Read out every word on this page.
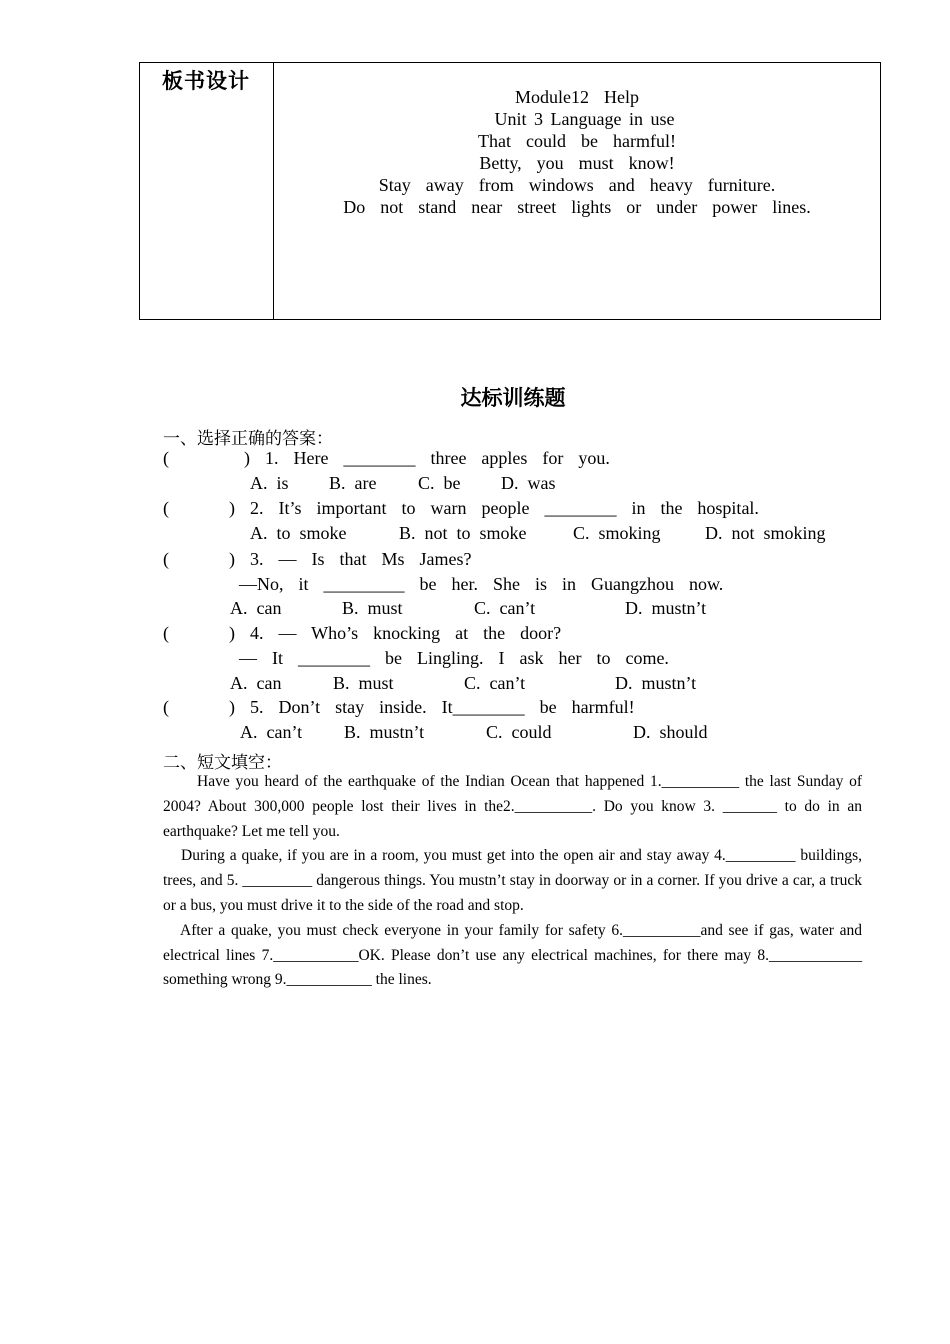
板书设计
Module12  Help
Unit 3 Language in use
That  could  be  harmful!
Betty,  you  must  know!
Stay  away  from  windows  and  heavy  furniture.
Do  not  stand  near  street  lights  or  under  power  lines.
达标训练题
一、选择正确的答案：
(          )  1.  Here  ________  three  apples  for  you.
A.  is B.  are C.  be D.  was
(        )  2.  It’s  important  to  warn  people  ________  in  the  hospital.
A.  to  smoke	B.  not  to  smoke	C.  smoking D.  not  smoking
(        )  3.  —  Is  that  Ms  James?
—No,  it  _________  be  her.  She  is  in  Guangzhou  now.
A.  can	B.  must	C.  can’t	D.  mustn’t
(        )  4.  —  Who’s  knocking  at  the  door?
—  It  ________  be  Lingling.  I  ask  her  to  come.
A.  can	B.  must	C.  can’t	D.  mustn’t
(        )  5.  Don’t  stay  inside.  It________  be  harmful!
A.  can’t B.  mustn’t	C.  could	D.  should
二、短文填空：

Have you heard of the earthquake of the Indian Ocean that happened 1.__________ the last Sunday of 2004? About 300,000 people lost their lives in the2.__________. Do you know 3. _______ to do in an earthquake? Let me tell you.

During a quake, if you are in a room, you must get into the open air and stay away 4._________ buildings, trees, and 5. _________ dangerous things. You mustn’t stay in doorway or in a corner. If you drive a car, a truck or a bus, you must drive it to the side of the road and stop.

After a quake, you must check everyone in your family for safety 6.__________and see if gas, water and electrical lines 7.___________OK. Please don’t use any electrical machines, for there may 8.____________ something wrong 9.___________ the lines.
